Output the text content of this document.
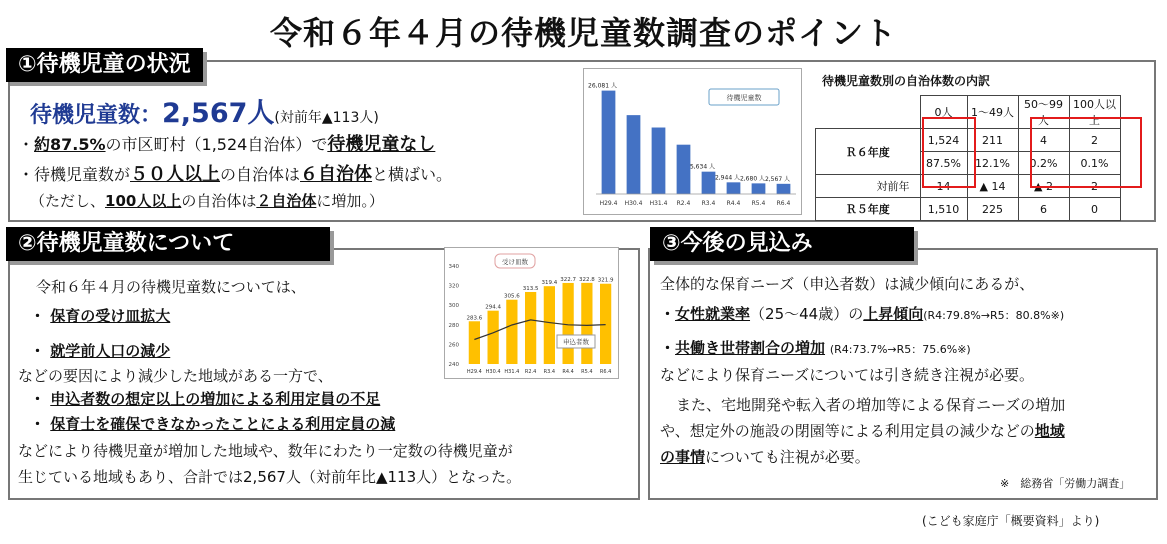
令和６年４月の待機児童数調査のポイント
①待機児童の状況
待機児童数：2,567人(対前年▲113人)
・約87.5%の市区町村（1,524自治体）で待機児童なし
・待機児童数が５０人以上の自治体は６自治体と横ばい。
（ただし、100人以上の自治体は２自治体に増加。）	H29.4
26,081 人
H30.4 H31.4 R2.4 R3.4
5,634 人
R4.4
2,944 人
R5.4
2,680 人
R6.4
2,567 人
待機児童数
待機児童数別の自治体数の内訳
	0人	1〜49人	50〜99人	100人以上
Ｒ６年度	1,524	211	4	2
	87.5%	12.1%	0.2%	0.1%
対前年	14	▲ 14	▲ 2	2
Ｒ５年度	1,510	225	6	0
②待機児童数について
340
320
300
280
260
240
283.6
H29.4
294.4
H30.4
305.6
H31.4
313.5
R2.4
319.4
R3.4
322.7
R4.4
322.8
R5.4
321.9
R6.4
受け皿数
申込者数
令和６年４月の待機児童数については、
・ 保育の受け皿拡大
・ 就学前人口の減少
などの要因により減少した地域がある一方で、
・ 申込者数の想定以上の増加による利用定員の不足
・ 保育士を確保できなかったことによる利用定員の減
などにより待機児童が増加した地域や、数年にわたり一定数の待機児童が
生じている地域もあり、合計では2,567人（対前年比▲113人）となった。
③今後の見込み
全体的な保育ニーズ（申込者数）は減少傾向にあるが、
・女性就業率（25〜44歳）の上昇傾向(R4:79.8%→R5：80.8%※)
・共働き世帯割合の増加 (R4:73.7%→R5：75.6%※)
などにより保育ニーズについては引き続き注視が必要。
また、宅地開発や転入者の増加等による保育ニーズの増加
や、想定外の施設の閉園等による利用定員の減少などの地域
の事情についても注視が必要。
※　総務省「労働力調査」
(こども家庭庁「概要資料」より)
